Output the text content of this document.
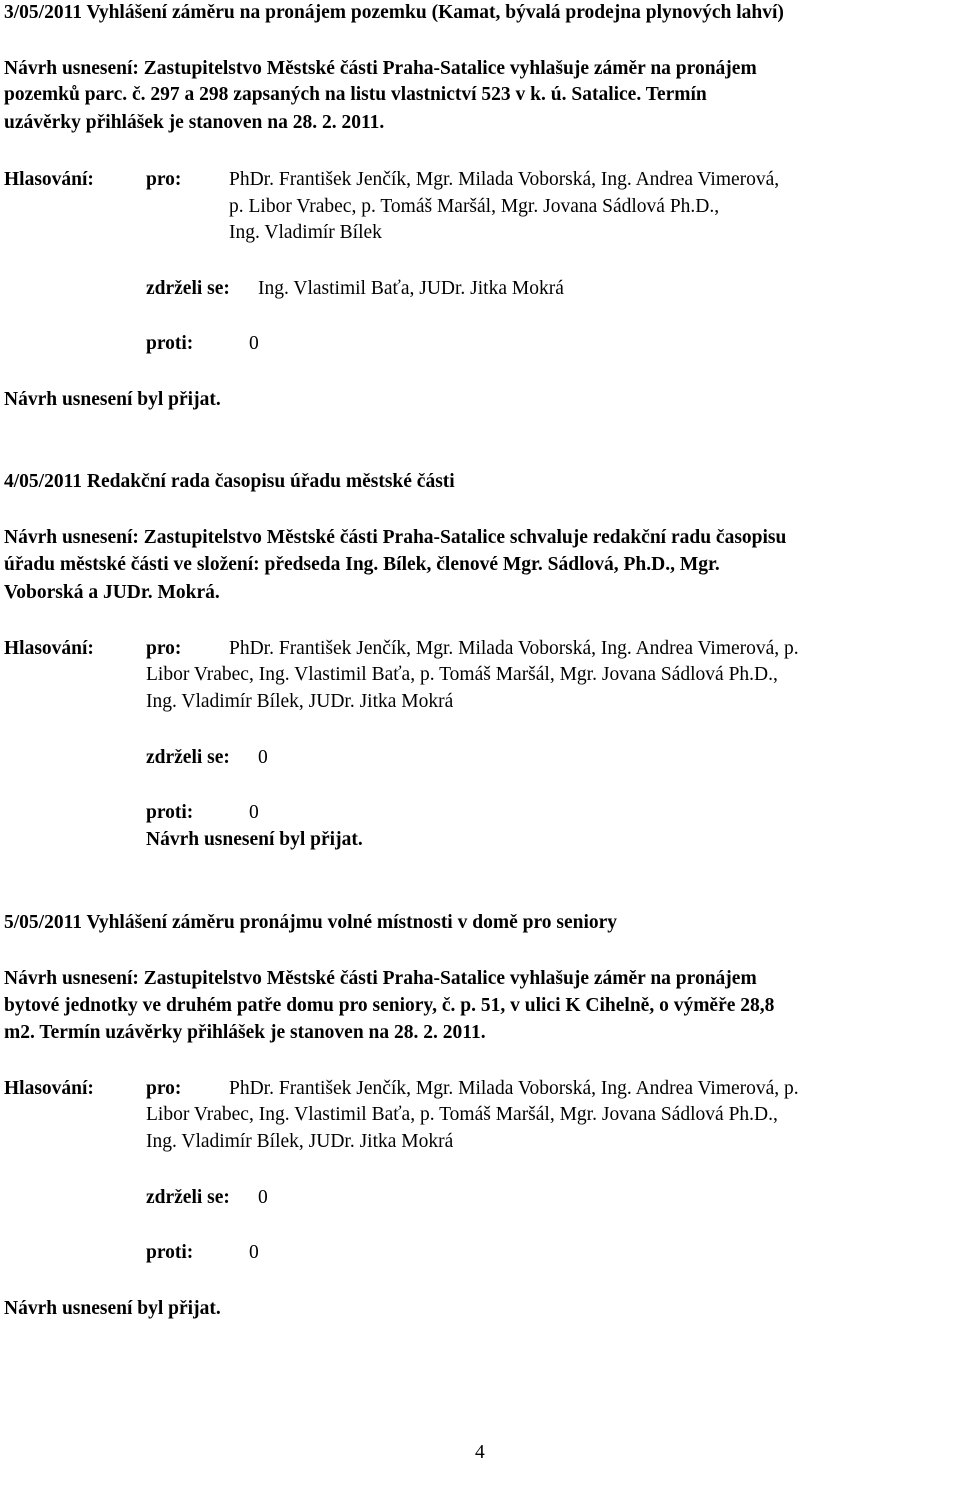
3/05/2011 Vyhlášení záměru na pronájem pozemku (Kamat, bývalá prodejna plynových lahví)
Návrh usnesení: Zastupitelstvo Městské části Praha-Satalice vyhlašuje záměr na pronájem
pozemků parc. č. 297 a 298 zapsaných na listu vlastnictví 523 v k. ú. Satalice. Termín
uzávěrky přihlášek je stanoven na 28. 2. 2011.
Hlasování:	pro: PhDr. František Jenčík, Mgr. Milada Voborská, Ing. Andrea Vimerová,
p. Libor Vrabec, p. Tomáš Maršál, Mgr. Jovana Sádlová Ph.D.,
Ing. Vladimír Bílek
zdrželi se: Ing. Vlastimil Baťa, JUDr. Jitka Mokrá
proti:	0
Návrh usnesení byl přijat.
4/05/2011 Redakční rada časopisu úřadu městské části
Návrh usnesení: Zastupitelstvo Městské části Praha-Satalice schvaluje redakční radu časopisu
úřadu městské části ve složení: předseda Ing. Bílek, členové Mgr. Sádlová, Ph.D., Mgr.
Voborská a JUDr. Mokrá.
Hlasování:	pro: PhDr. František Jenčík, Mgr. Milada Voborská, Ing. Andrea Vimerová, p.
Libor Vrabec, Ing. Vlastimil Baťa, p. Tomáš Maršál, Mgr. Jovana Sádlová Ph.D.,
Ing. Vladimír Bílek, JUDr. Jitka Mokrá
zdrželi se: 0
proti:	0
Návrh usnesení byl přijat.
5/05/2011 Vyhlášení záměru pronájmu volné místnosti v domě pro seniory
Návrh usnesení: Zastupitelstvo Městské části Praha-Satalice vyhlašuje záměr na pronájem
bytové jednotky ve druhém patře domu pro seniory, č. p. 51, v ulici K Cihelně, o výměře 28,8
m2. Termín uzávěrky přihlášek je stanoven na 28. 2. 2011.
Hlasování:	pro: PhDr. František Jenčík, Mgr. Milada Voborská, Ing. Andrea Vimerová, p.
Libor Vrabec, Ing. Vlastimil Baťa, p. Tomáš Maršál, Mgr. Jovana Sádlová Ph.D.,
Ing. Vladimír Bílek, JUDr. Jitka Mokrá
zdrželi se: 0
proti:	0
Návrh usnesení byl přijat.
4
